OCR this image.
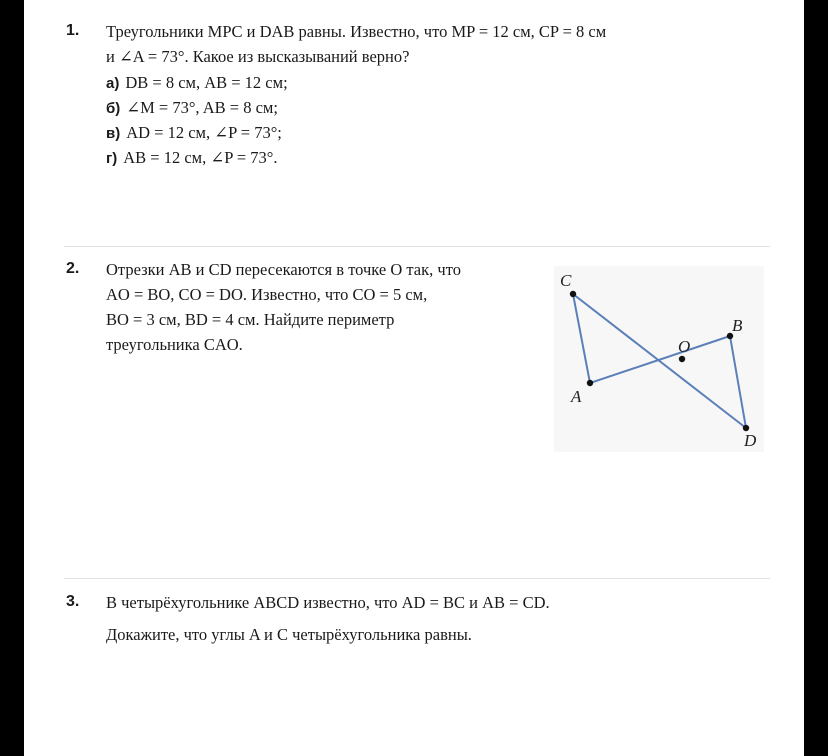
1. Треугольники MPC и DAB равны. Известно, что MP = 12 см, CP = 8 см
и ∠A = 73°. Какое из высказываний верно?
а) DB = 8 см, AB = 12 см;
б) ∠M = 73°, AB = 8 см;
в) AD = 12 см, ∠P = 73°;
г) AB = 12 см, ∠P = 73°.
2. Отрезки AB и CD пересекаются в точке O так, что
AO = BO, CO = DO. Известно, что CO = 5 см,
BO = 3 см, BD = 4 см. Найдите периметр
треугольника CAO.
C
O
B
A
D
3. В четырёхугольнике ABCD известно, что AD = BC и AB = CD.
Докажите, что углы A и C четырёхугольника равны.
